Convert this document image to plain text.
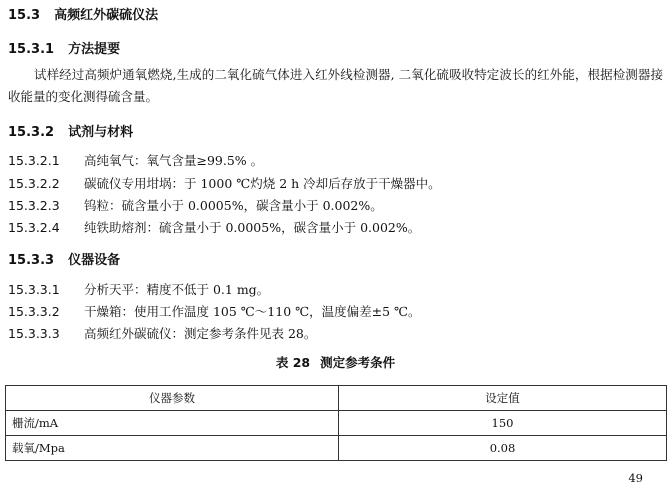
15.3 高频红外碳硫仪法
15.3.1 方法提要
试样经过高频炉通氧燃烧,生成的二氧化硫气体进入红外线检测器, 二氧化硫吸收特定波长的红外能，根据检测器接收能量的变化测得硫含量。
15.3.2 试剂与材料
15.3.2.1 高纯氧气：氧气含量≥99.5% 。
15.3.2.2 碳硫仪专用坩埚：于 1000 ℃灼烧 2 h 冷却后存放于干燥器中。
15.3.2.3 钨粒：硫含量小于 0.0005%，碳含量小于 0.002%。
15.3.2.4 纯铁助熔剂：硫含量小于 0.0005%，碳含量小于 0.002%。
15.3.3 仪器设备
15.3.3.1 分析天平：精度不低于 0.1 mg。
15.3.3.2 干燥箱：使用工作温度 105 ℃～110 ℃，温度偏差±5 ℃。
15.3.3.3 高频红外碳硫仪：测定参考条件见表 28。
表 28 测定参考条件
仪器参数	设定值
栅流/mA	150
载氧/Mpa	0.08
49
